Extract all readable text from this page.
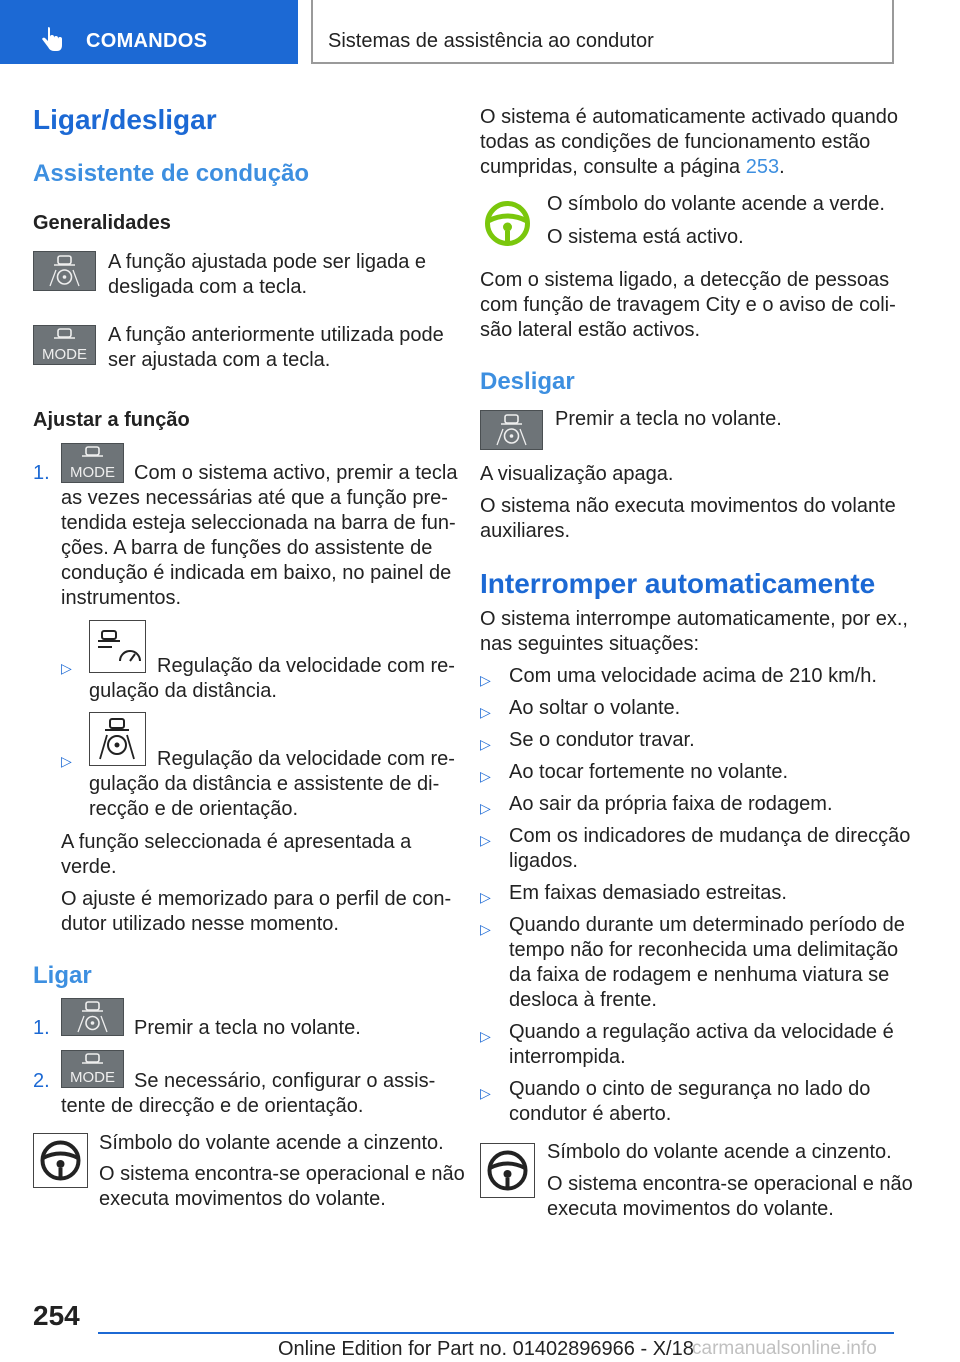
COMANDOS	Sistemas de assistência ao condutor
Ligar/desligar
Assistente de condução
Generalidades
A função ajustada pode ser ligada e
desligada com a tecla.
MODE
A função anteriormente utilizada pode
ser ajustada com a tecla.
Ajustar a função
1. MODE Com o sistema activo, premir a tecla
as vezes necessárias até que a função pre-
tendida esteja seleccionada na barra de fun-
ções. A barra de funções do assistente de
condução é indicada em baixo, no painel de
instrumentos.
▷	Regulação da velocidade com re-
gulação da distância.
▷	Regulação da velocidade com re-
gulação da distância e assistente de di-
recção e de orientação.
A função seleccionada é apresentada a
verde.
O ajuste é memorizado para o perfil de con-
dutor utilizado nesse momento.
Ligar
1.	Premir a tecla no volante.
2. MODE Se necessário, configurar o assis-
tente de direcção e de orientação.
Símbolo do volante acende a cinzento.
O sistema encontra-se operacional e não
executa movimentos do volante.
O sistema é automaticamente activado quando
todas as condições de funcionamento estão
cumpridas, consulte a página 253.
O símbolo do volante acende a verde.
O sistema está activo.
Com o sistema ligado, a detecção de pessoas
com função de travagem City e o aviso de coli-
são lateral estão activos.
Desligar
Premir a tecla no volante.
A visualização apaga.
O sistema não executa movimentos do volante
auxiliares.
Interromper automaticamente
O sistema interrompe automaticamente, por ex.,
nas seguintes situações:
▷ Com uma velocidade acima de 210 km/h.
▷ Ao soltar o volante.
▷ Se o condutor travar.
▷ Ao tocar fortemente no volante.
▷ Ao sair da própria faixa de rodagem.
▷ Com os indicadores de mudança de direcção
ligados.
▷ Em faixas demasiado estreitas.
▷ Quando durante um determinado período de
tempo não for reconhecida uma delimitação
da faixa de rodagem e nenhuma viatura se
desloca à frente.
▷ Quando a regulação activa da velocidade é
interrompida.
▷ Quando o cinto de segurança no lado do
condutor é aberto.
Símbolo do volante acende a cinzento.
O sistema encontra-se operacional e não
executa movimentos do volante.
254
Online Edition for Part no. 01402896966 - X/18
carmanualsonline.info
